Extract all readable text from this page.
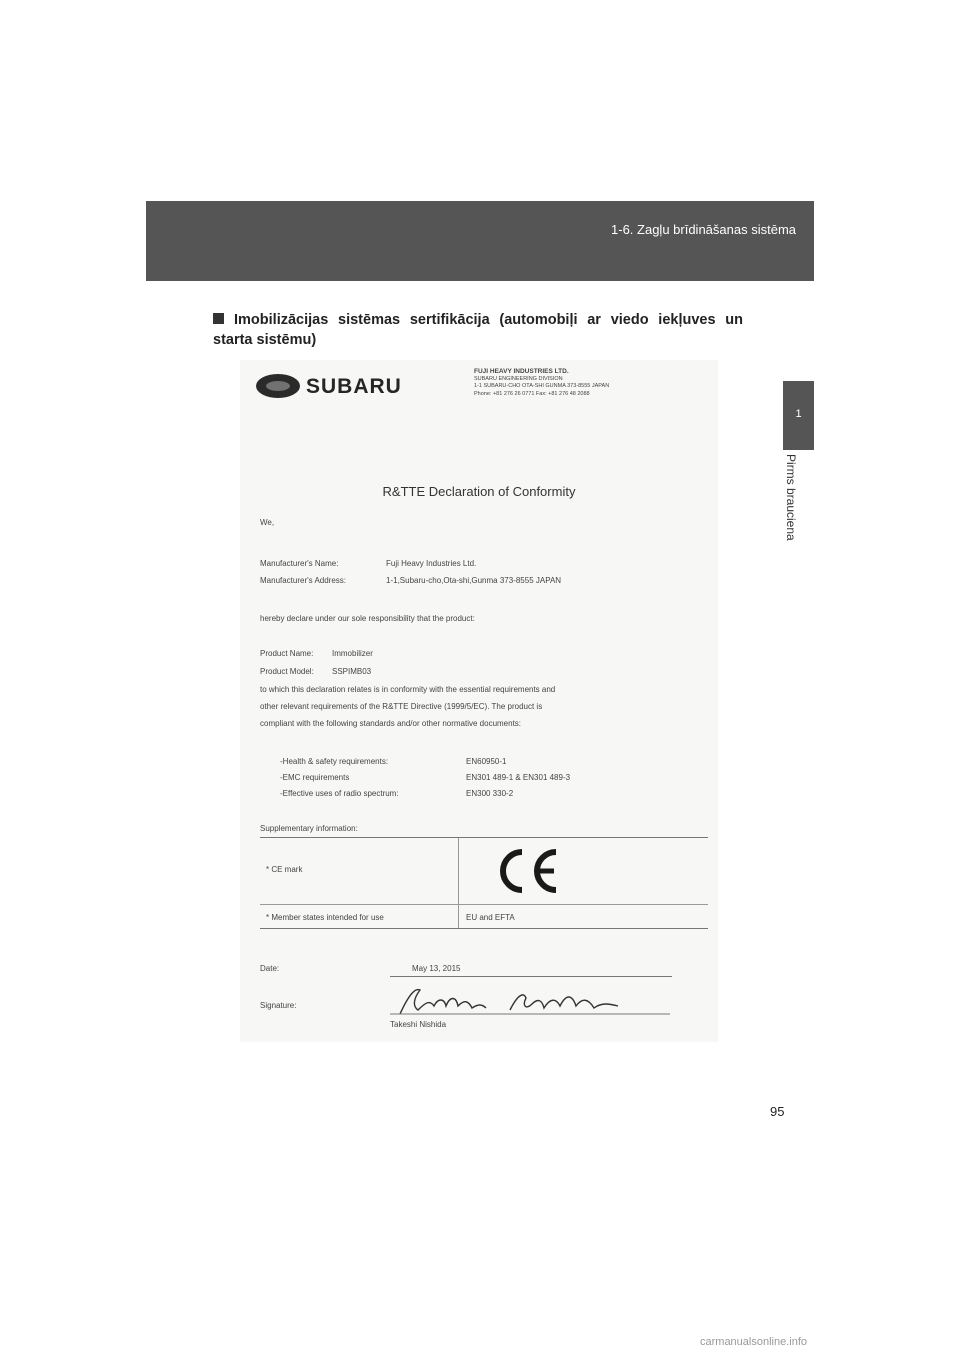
1-6. Zagļu brīdināšanas sistēma
1
Pirms brauciena
Imobilizācijas sistēmas sertifikācija (automobiļi ar viedo iekļuves un starta sistēmu)
SUBARU
FUJI HEAVY INDUSTRIES LTD.
SUBARU ENGINEERING DIVISION
1-1 SUBARU-CHO OTA-SHI GUNMA 373-8555 JAPAN
Phone: +81 276 26 0771 Fax: +81 276 48 2088
R&TTE Declaration of Conformity
We,
Manufacturer's Name:	Fuji Heavy Industries Ltd.
Manufacturer's Address:	1-1,Subaru-cho,Ota-shi,Gunma 373-8555 JAPAN
hereby declare under our sole responsibility that the product:
Product Name: Immobilizer
Product Model: SSPIMB03
to which this declaration relates is in conformity with the essential requirements and
other relevant requirements of the R&TTE Directive (1999/5/EC). The product is
compliant with the following standards and/or other normative documents:
-Health & safety requirements:	EN60950-1
-EMC requirements	EN301 489-1 & EN301 489-3
-Effective uses of radio spectrum:	EN300 330-2
Supplementary information:
* CE mark
* Member states intended for use	EU and EFTA
Date:	May 13, 2015
Signature:
Takeshi Nishida
95
carmanualsonline.info
